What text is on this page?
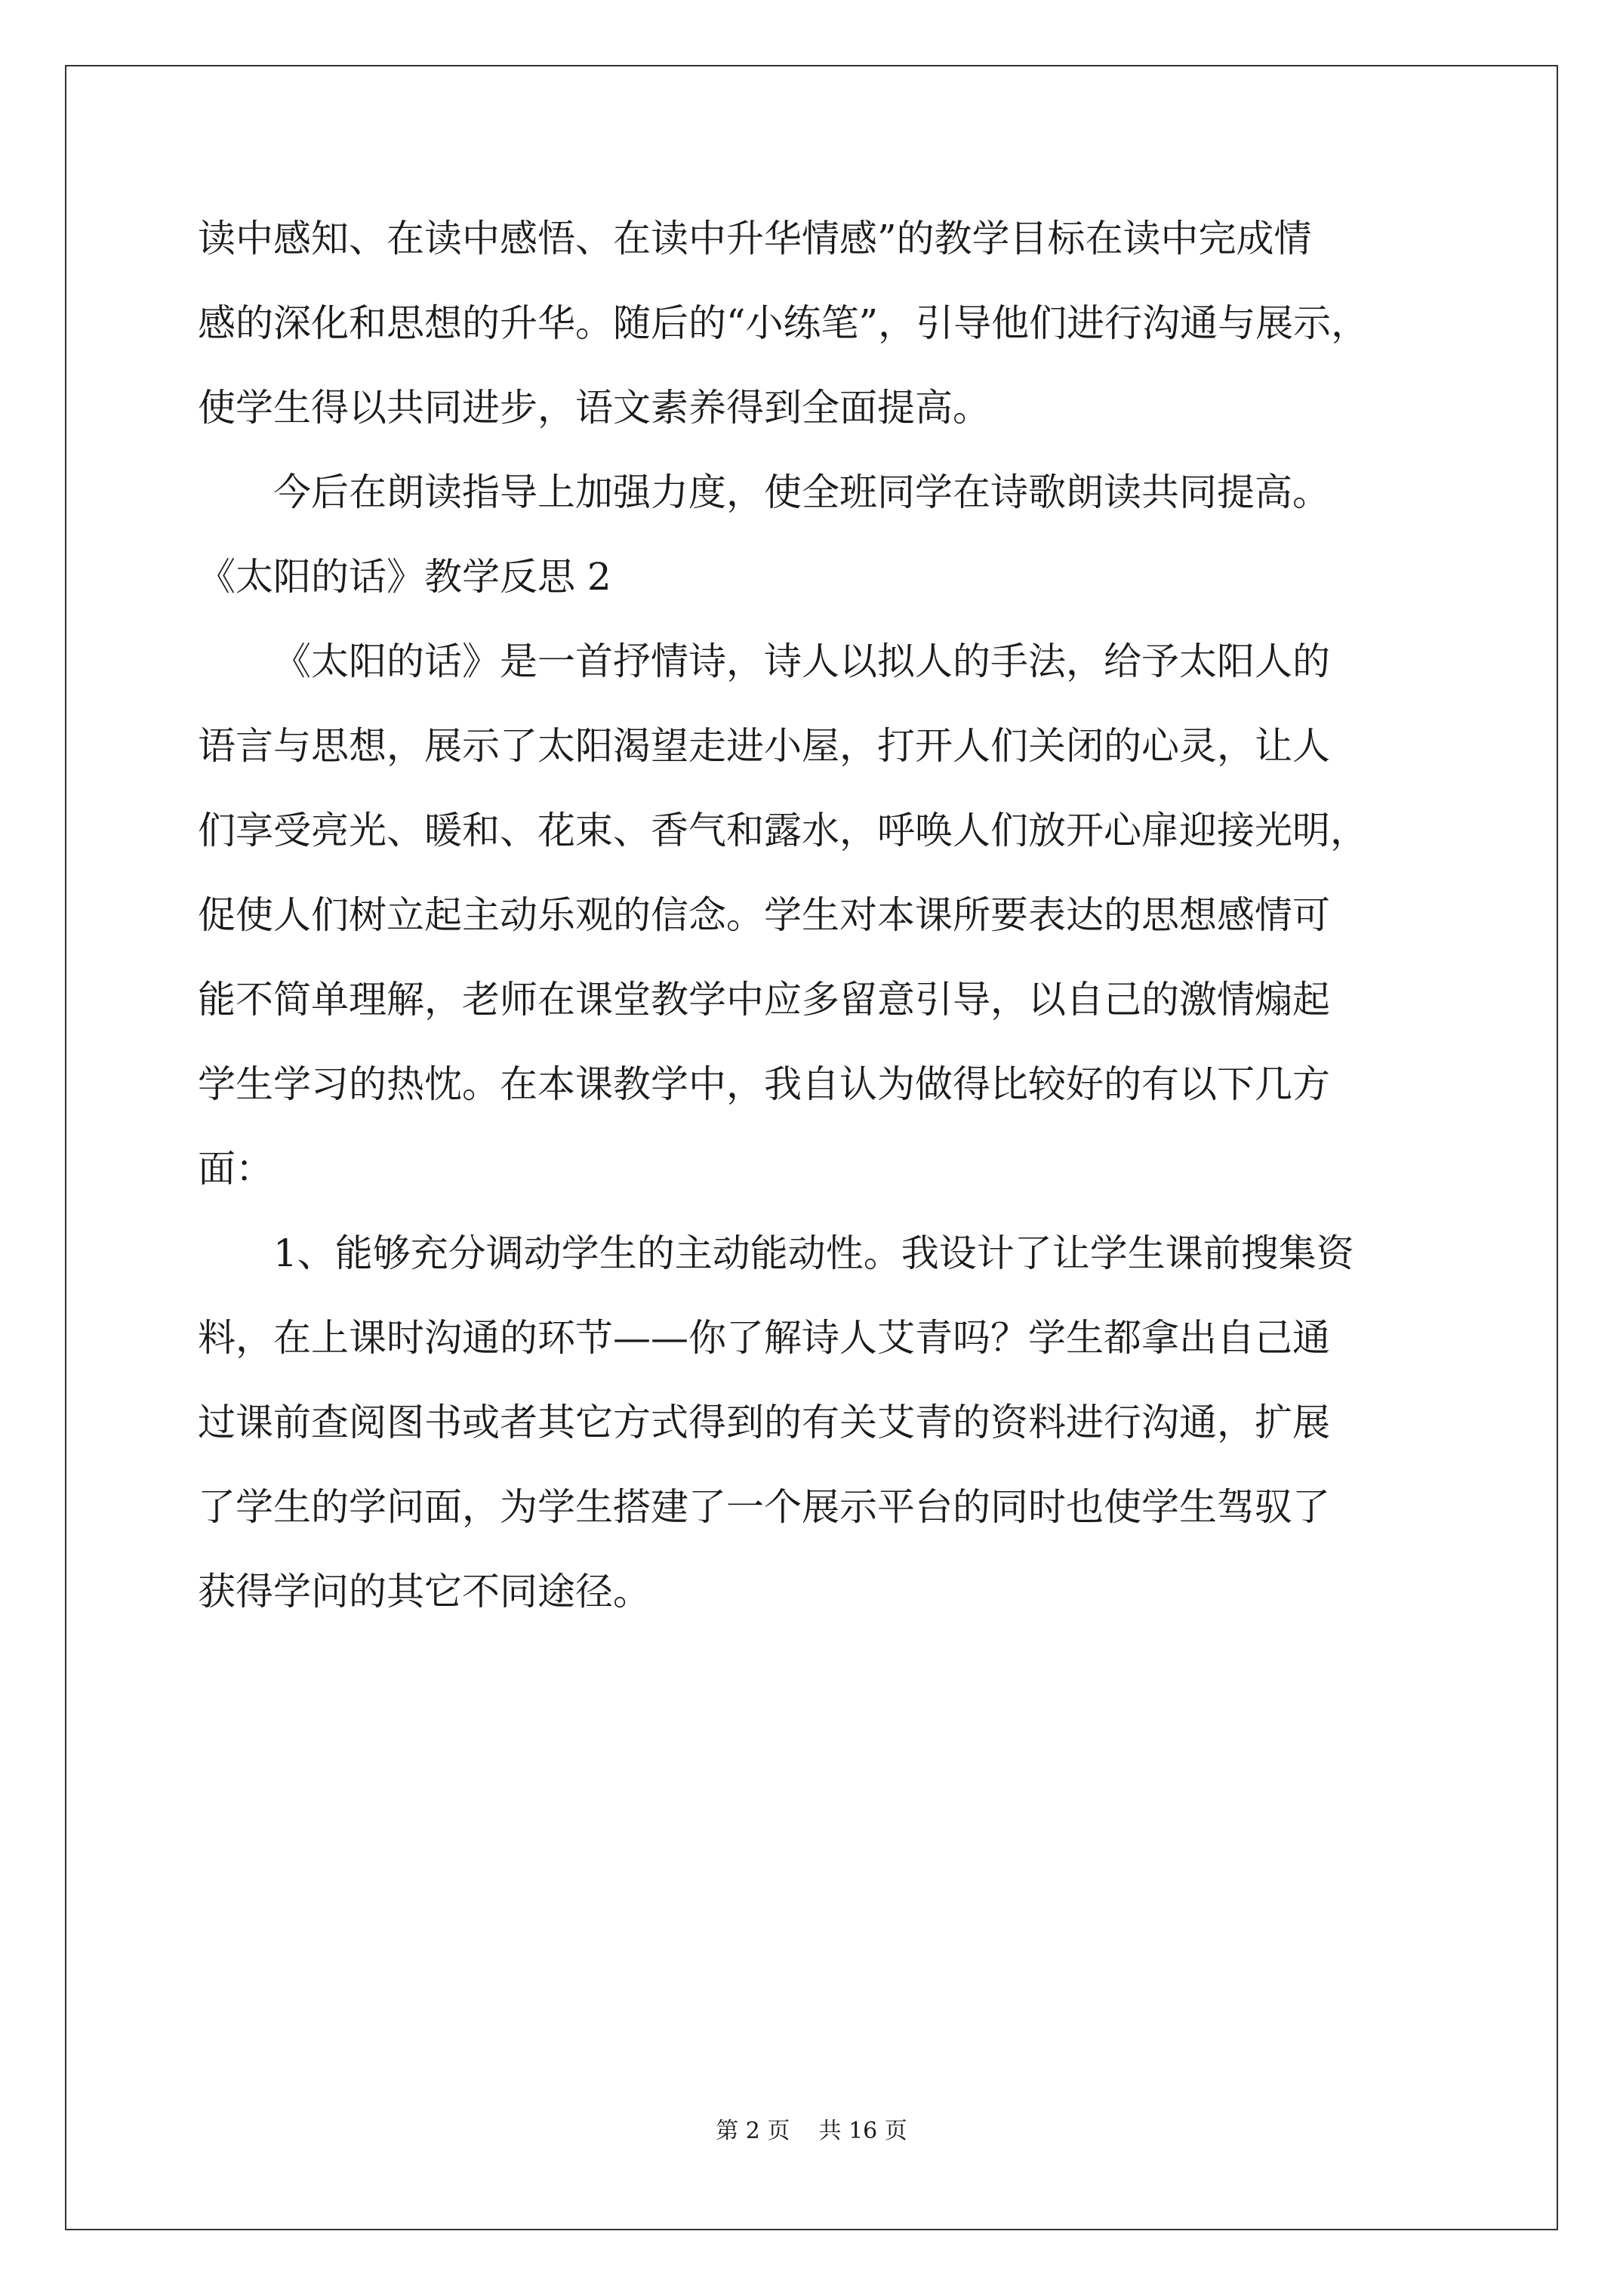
读中感知、在读中感悟、在读中升华情感”的教学目标在读中完成情
感的深化和思想的升华。随后的“小练笔”，引导他们进行沟通与展示，
使学生得以共同进步，语文素养得到全面提高。
今后在朗读指导上加强力度，使全班同学在诗歌朗读共同提高。
《太阳的话》教学反思 2
《太阳的话》是一首抒情诗，诗人以拟人的手法，给予太阳人的
语言与思想，展示了太阳渴望走进小屋，打开人们关闭的心灵，让人
们享受亮光、暖和、花束、香气和露水，呼唤人们放开心扉迎接光明，
促使人们树立起主动乐观的信念。学生对本课所要表达的思想感情可
能不简单理解，老师在课堂教学中应多留意引导，以自己的激情煽起
学生学习的热忱。在本课教学中，我自认为做得比较好的有以下几方
面：
1、能够充分调动学生的主动能动性。我设计了让学生课前搜集资
料，在上课时沟通的环节——你了解诗人艾青吗？学生都拿出自己通
过课前查阅图书或者其它方式得到的有关艾青的资料进行沟通，扩展
了学生的学问面，为学生搭建了一个展示平台的同时也使学生驾驭了
获得学问的其它不同途径。
第 2 页 共 16 页
